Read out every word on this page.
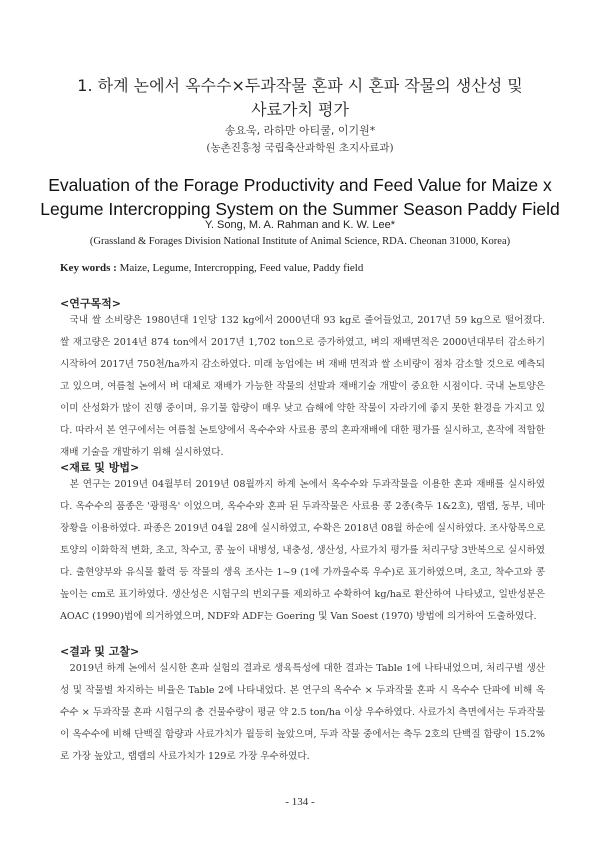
1. 하계 논에서 옥수수×두과작물 혼파 시 혼파 작물의 생산성 및
사료가치 평가
송요욱, 라하만 아티쿨, 이기원*
(농촌진흥청 국립축산과학원 초지사료과)
Evaluation of the Forage Productivity and Feed Value for Maize x
Legume Intercropping System on the Summer Season Paddy Field
Y. Song, M. A. Rahman and K. W. Lee*
(Grassland & Forages Division National Institute of Animal Science, RDA. Cheonan 31000, Korea)
Key words : Maize, Legume, Intercropping, Feed value, Paddy field
<연구목적>

국내 쌀 소비량은 1980년대 1인당 132 kg에서 2000년대 93 kg로 줄어들었고, 2017년 59 kg으로 떨어졌다. 쌀 재고량은 2014년 874 ton에서 2017년 1,702 ton으로 증가하였고, 벼의 재배면적은 2000년대부터 감소하기 시작하여 2017년 750천/ha까지 감소하였다. 미래 농업에는 벼 재배 면적과 쌀 소비량이 점차 감소할 것으로 예측되고 있으며, 여름철 논에서 벼 대체로 재배가 가능한 작물의 선발과 재배기술 개발이 중요한 시점이다. 국내 논토양은 이미 산성화가 많이 진행 중이며, 유기물 함량이 매우 낮고 습해에 약한 작물이 자라기에 좋지 못한 환경을 가지고 있다. 따라서 본 연구에서는 여름철 논토양에서 옥수수와 사료용 콩의 혼파재배에 대한 평가를 실시하고, 혼작에 적합한 재배 기술을 개발하기 위해 실시하였다.

<재료 및 방법>

본 연구는 2019년 04월부터 2019년 08월까지 하계 논에서 옥수수와 두과작물을 이용한 혼파 재배를 실시하였다. 옥수수의 품종은 '광평옥' 이었으며, 옥수수와 혼파 된 두과작물은 사료용 콩 2종(축두 1&2호), 랩랩, 동부, 네마장황을 이용하였다. 파종은 2019년 04월 28에 실시하였고, 수확은 2018년 08월 하순에 실시하였다. 조사항목으로 토양의 이화학적 변화, 초고, 착수고, 콩 높이 내병성, 내충성, 생산성, 사료가치 평가를 처리구당 3반복으로 실시하였다. 출현양부와 유식물 활력 등 작물의 생육 조사는 1~9 (1에 가까울수록 우수)로 표기하였으며, 초고, 착수고와 콩 높이는 cm로 표기하였다. 생산성은 시험구의 번외구를 제외하고 수확하여 kg/ha로 환산하여 나타냈고, 일반성분은 AOAC (1990)법에 의거하였으며, NDF와 ADF는 Goering 및 Van Soest (1970) 방법에 의거하여 도출하였다.

<결과 및 고찰>

2019년 하계 논에서 실시한 혼파 실험의 결과로 생육특성에 대한 결과는 Table 1에 나타내었으며, 처리구별 생산성 및 작물별 차지하는 비율은 Table 2에 나타내었다. 본 연구의 옥수수 × 두과작물 혼파 시 옥수수 단파에 비해 옥수수 × 두과작물 혼파 시험구의 총 건물수량이 평균 약 2.5 ton/ha 이상 우수하였다. 사료가치 측면에서는 두과작물이 옥수수에 비해 단백질 함량과 사료가치가 월등히 높았으며, 두과 작물 중에서는 축두 2호의 단백질 함량이 15.2%로 가장 높았고, 랩랩의 사료가치가 129로 가장 우수하였다.

- 134 -
